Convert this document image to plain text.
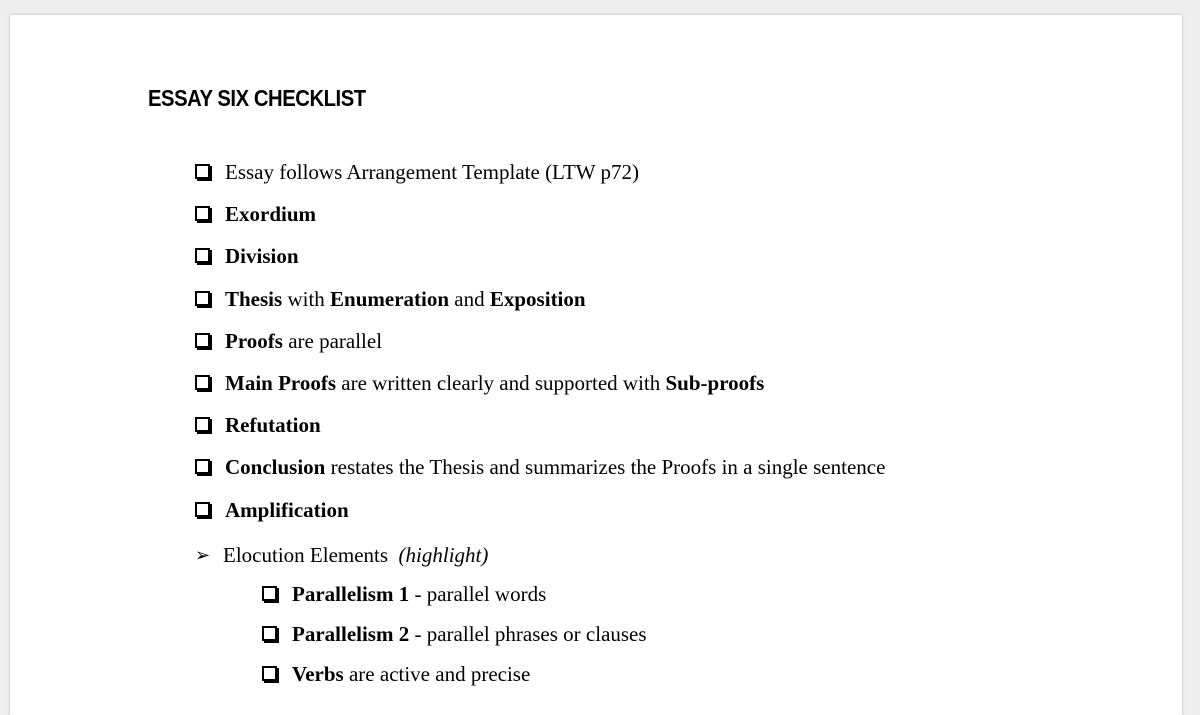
ESSAY SIX CHECKLIST
Essay follows Arrangement Template (LTW p72)
Exordium
Division
Thesis with Enumeration and Exposition
Proofs are parallel
Main Proofs are written clearly and supported with Sub-proofs
Refutation
Conclusion restates the Thesis and summarizes the Proofs in a single sentence
Amplification
➢ Elocution Elements
(highlight)
Parallelism 1 - parallel words
Parallelism 2 - parallel phrases or clauses
Verbs are active and precise
